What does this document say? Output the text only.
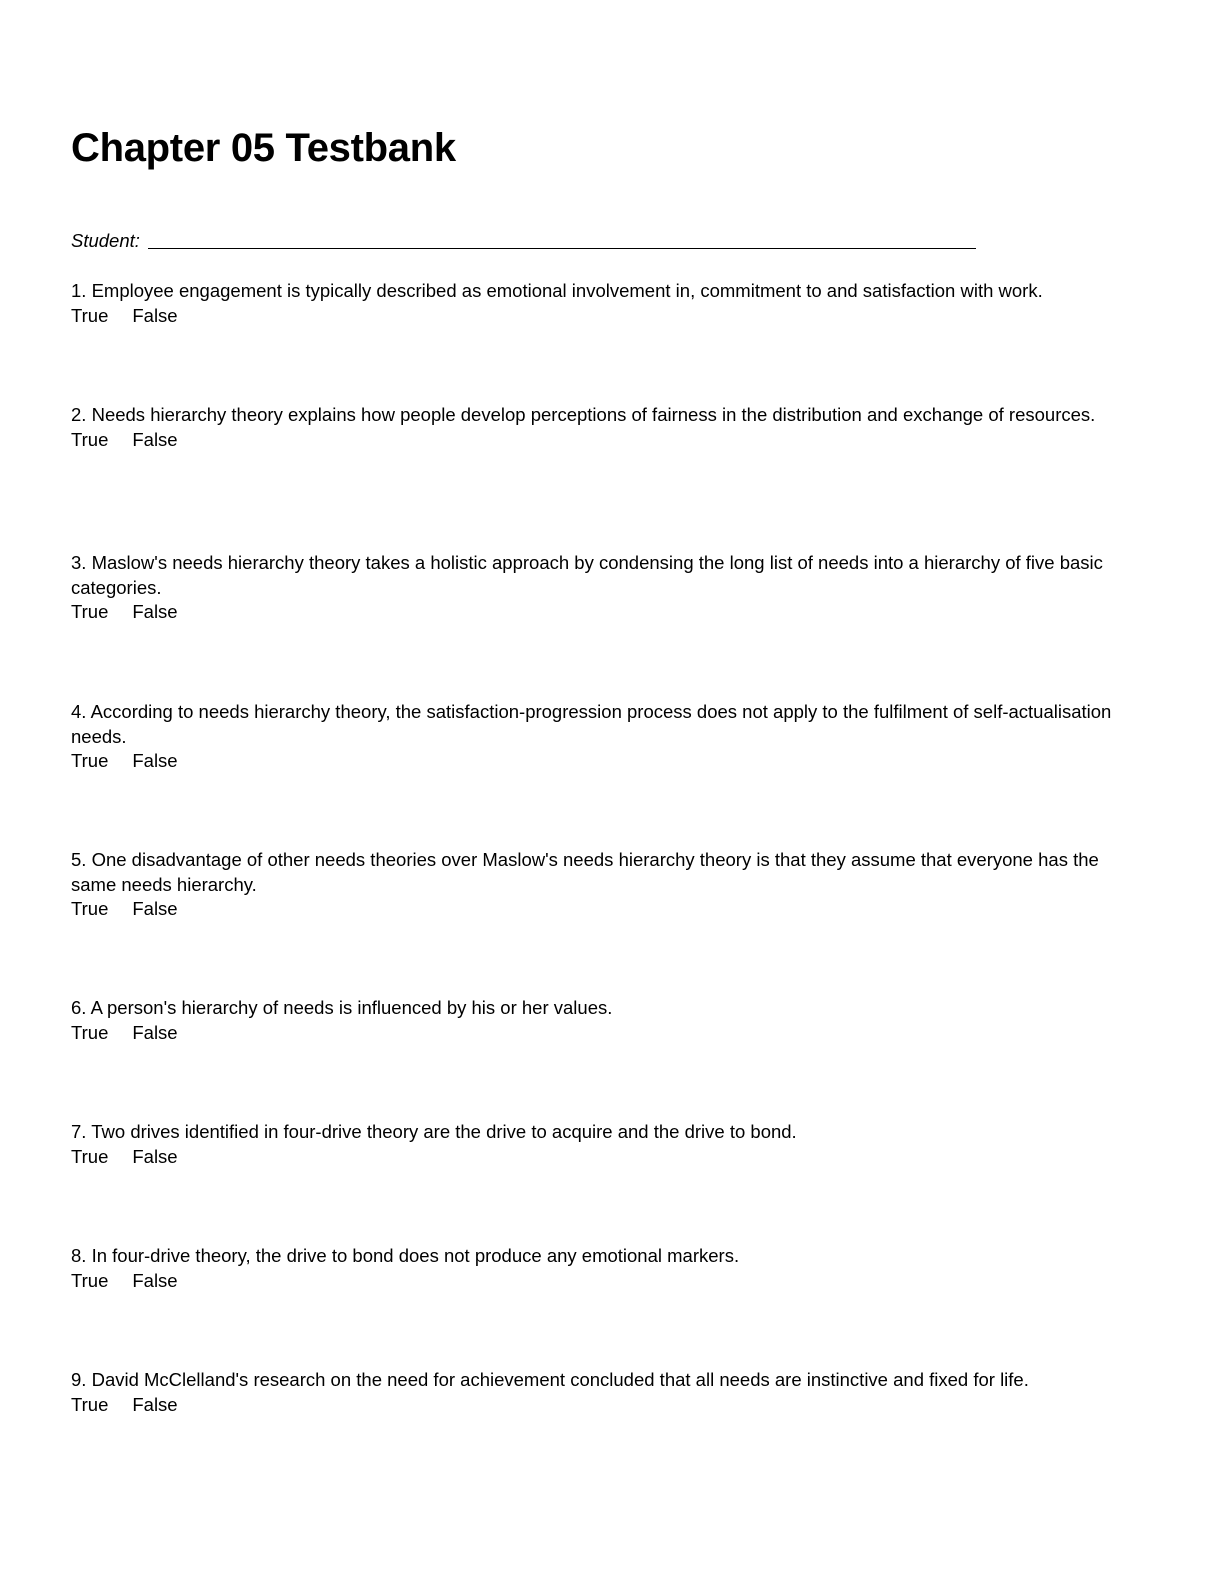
Chapter 05 Testbank
Student:

1. Employee engagement is typically described as emotional involvement in, commitment to and satisfaction with work.

True False

2. Needs hierarchy theory explains how people develop perceptions of fairness in the distribution and exchange of resources.

True False

3. Maslow's needs hierarchy theory takes a holistic approach by condensing the long list of needs into a hierarchy of five basic categories.

True False

4. According to needs hierarchy theory, the satisfaction-progression process does not apply to the fulfilment of self-actualisation needs.

True False

5. One disadvantage of other needs theories over Maslow's needs hierarchy theory is that they assume that everyone has the same needs hierarchy.

True False

6. A person's hierarchy of needs is influenced by his or her values.

True False

7. Two drives identified in four-drive theory are the drive to acquire and the drive to bond.

True False

8. In four-drive theory, the drive to bond does not produce any emotional markers.

True False

9. David McClelland's research on the need for achievement concluded that all needs are instinctive and fixed for life.

True False
